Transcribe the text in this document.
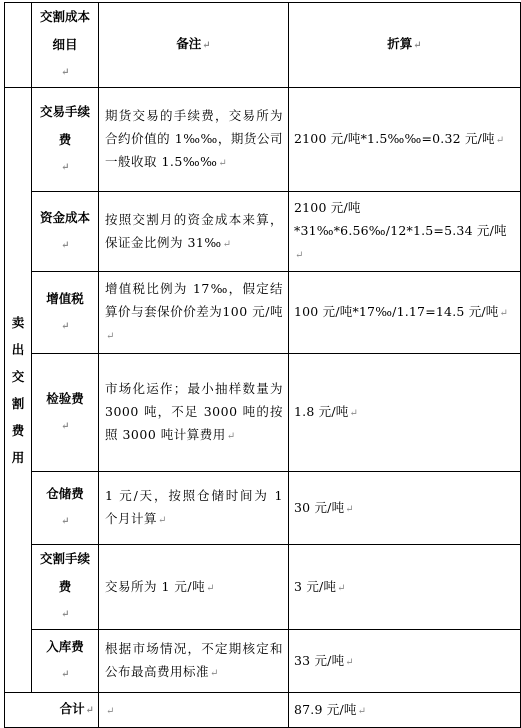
	交割成本细目↵	备注↵	折算↵
卖出交割费用	交易手续费↵	期货交易的手续费，交易所为合约价值的 1‰‰，期货公司一般收取 1.5‰‰↵	2100 元/吨*1.5‰‰=0.32 元/吨↵
	资金成本↵	按照交割月的资金成本来算，保证金比例为 31‰↵	2100 元/吨 *31‰*6.56‰/12*1.5=5.34 元/吨↵
	增值税↵	增值税比例为 17‰，假定结算价与套保价价差为100 元/吨↵	100 元/吨*17‰/1.17=14.5 元/吨↵
	检验费↵	市场化运作；最小抽样数量为 3000 吨，不足 3000 吨的按照 3000 吨计算费用↵	1.8 元/吨↵
	仓储费↵	1 元/天，按照仓储时间为 1 个月计算↵	30 元/吨↵
	交割手续费↵	交易所为 1 元/吨↵	3 元/吨↵
	入库费↵	根据市场情况，不定期核定和公布最高费用标准↵	33 元/吨↵
合计↵		↵	87.9 元/吨↵
